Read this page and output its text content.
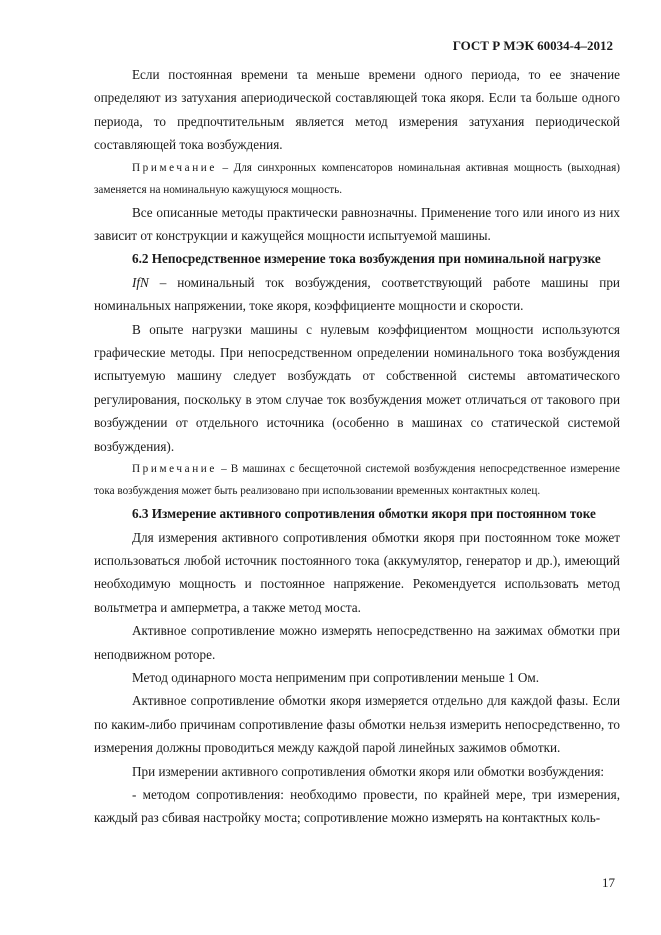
ГОСТ Р МЭК 60034-4–2012

Если постоянная времени τa меньше времени одного периода, то ее значение определяют из затухания апериодической составляющей тока якоря. Если τa больше одного периода, то предпочтительным является метод измерения затухания периодической составляющей тока возбуждения.

Примечание – Для синхронных компенсаторов номинальная активная мощность (выходная) заменяется на номинальную кажущуюся мощность.

Все описанные методы практически равнозначны. Применение того или иного из них зависит от конструкции и кажущейся мощности испытуемой машины.

6.2 Непосредственное измерение тока возбуждения при номинальной нагрузке

IfN – номинальный ток возбуждения, соответствующий работе машины при номинальных напряжении, токе якоря, коэффициенте мощности и скорости.

В опыте нагрузки машины с нулевым коэффициентом мощности используются графические методы. При непосредственном определении номинального тока возбуждения испытуемую машину следует возбуждать от собственной системы автоматического регулирования, поскольку в этом случае ток возбуждения может отличаться от такового при возбуждении от отдельного источника (особенно в машинах со статической системой возбуждения).

Примечание – В машинах с бесщеточной системой возбуждения непосредственное измерение тока возбуждения может быть реализовано при использовании временных контактных колец.

6.3 Измерение активного сопротивления обмотки якоря при постоянном токе

Для измерения активного сопротивления обмотки якоря при постоянном токе может использоваться любой источник постоянного тока (аккумулятор, генератор и др.), имеющий необходимую мощность и постоянное напряжение. Рекомендуется использовать метод вольтметра и амперметра, а также метод моста.

Активное сопротивление можно измерять непосредственно на зажимах обмотки при неподвижном роторе.

Метод одинарного моста неприменим при сопротивлении меньше 1 Ом.

Активное сопротивление обмотки якоря измеряется отдельно для каждой фазы. Если по каким-либо причинам сопротивление фазы обмотки нельзя измерить непосредственно, то измерения должны проводиться между каждой парой линейных зажимов обмотки.

При измерении активного сопротивления обмотки якоря или обмотки возбуждения:

- методом сопротивления: необходимо провести, по крайней мере, три измерения, каждый раз сбивая настройку моста; сопротивление можно измерять на контактных коль-

17
